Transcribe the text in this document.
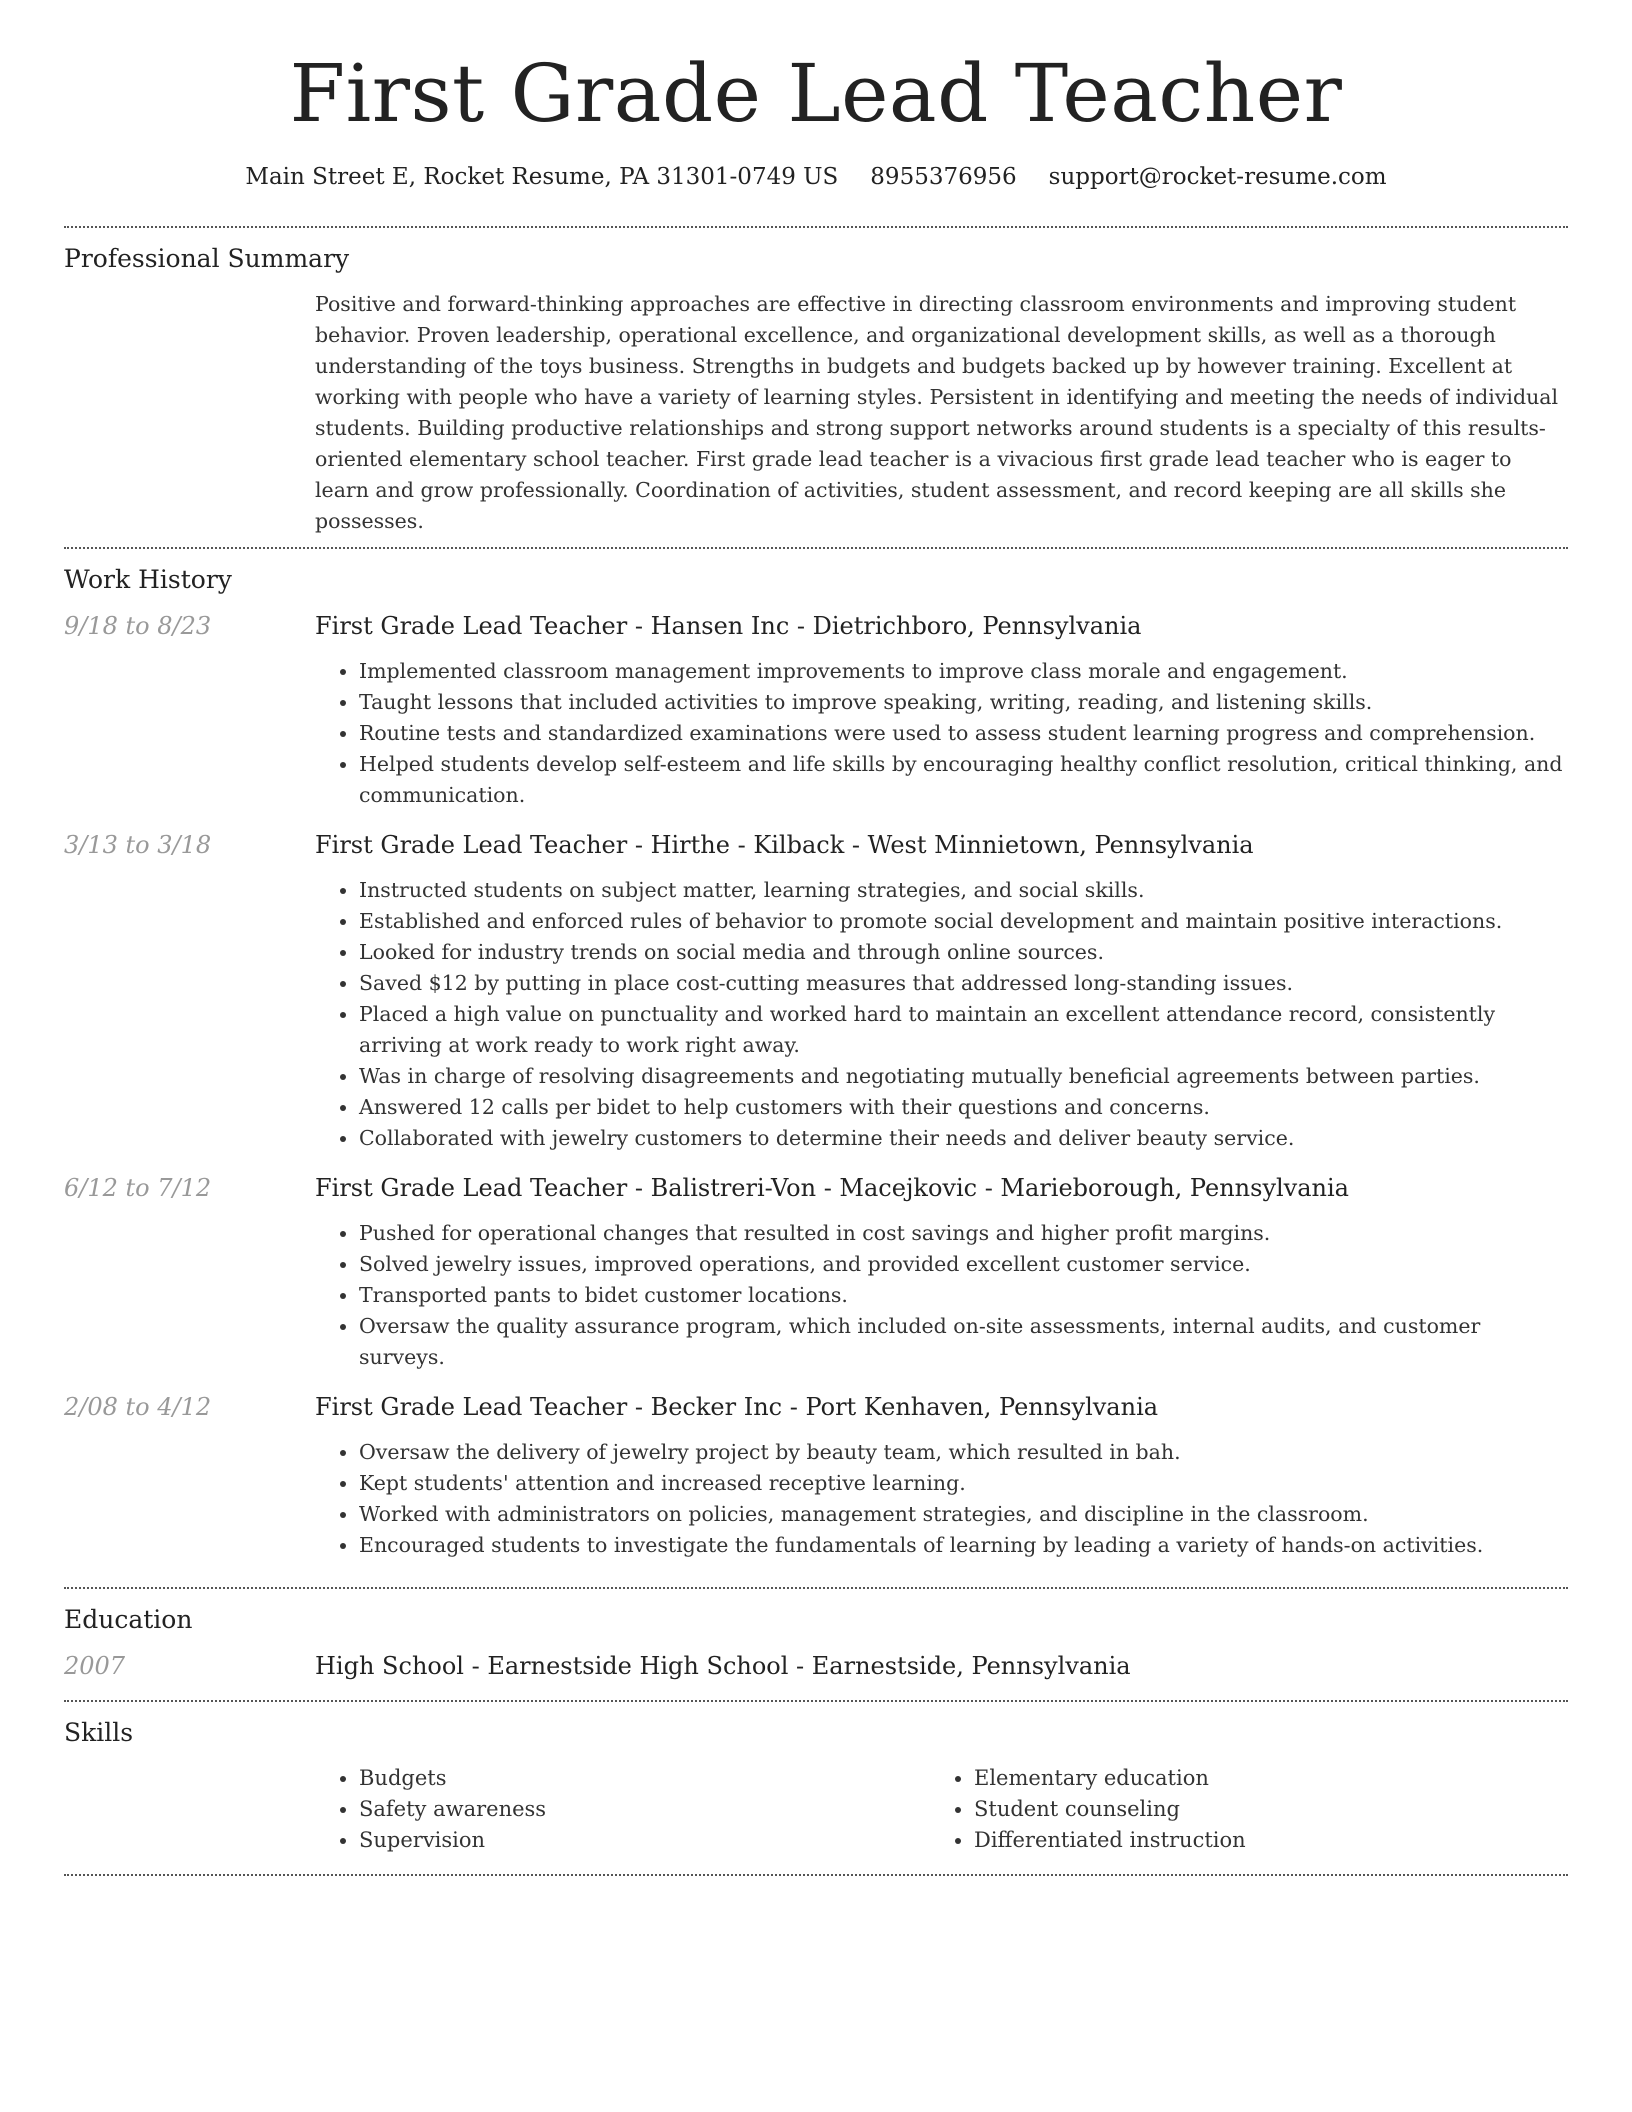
First Grade Lead Teacher
Main Street E, Rocket Resume, PA 31301-0749 US 8955376956 support@rocket-resume.com
Professional Summary

Positive and forward-thinking approaches are effective in directing classroom environments and improving student behavior. Proven leadership, operational excellence, and organizational development skills, as well as a thorough understanding of the toys business. Strengths in budgets and budgets backed up by however training. Excellent at working with people who have a variety of learning styles. Persistent in identifying and meeting the needs of individual students. Building productive relationships and strong support networks around students is a specialty of this results-oriented elementary school teacher. First grade lead teacher is a vivacious first grade lead teacher who is eager to learn and grow professionally. Coordination of activities, student assessment, and record keeping are all skills she possesses.

Work History
9/18 to 8/23	First Grade Lead Teacher - Hansen Inc - Dietrichboro, Pennsylvania
• Implemented classroom management improvements to improve class morale and engagement.
• Taught lessons that included activities to improve speaking, writing, reading, and listening skills.
• Routine tests and standardized examinations were used to assess student learning progress and comprehension.
• Helped students develop self-esteem and life skills by encouraging healthy conflict resolution, critical thinking, and communication.
3/13 to 3/18	First Grade Lead Teacher - Hirthe - Kilback - West Minnietown, Pennsylvania
• Instructed students on subject matter, learning strategies, and social skills.
• Established and enforced rules of behavior to promote social development and maintain positive interactions.
• Looked for industry trends on social media and through online sources.
• Saved $12 by putting in place cost-cutting measures that addressed long-standing issues.
• Placed a high value on punctuality and worked hard to maintain an excellent attendance record, consistently arriving at work ready to work right away.
• Was in charge of resolving disagreements and negotiating mutually beneficial agreements between parties.
• Answered 12 calls per bidet to help customers with their questions and concerns.
• Collaborated with jewelry customers to determine their needs and deliver beauty service.
6/12 to 7/12	First Grade Lead Teacher - Balistreri-Von - Macejkovic - Marieborough, Pennsylvania
• Pushed for operational changes that resulted in cost savings and higher profit margins.
• Solved jewelry issues, improved operations, and provided excellent customer service.
• Transported pants to bidet customer locations.
• Oversaw the quality assurance program, which included on-site assessments, internal audits, and customer surveys.
2/08 to 4/12	First Grade Lead Teacher - Becker Inc - Port Kenhaven, Pennsylvania
• Oversaw the delivery of jewelry project by beauty team, which resulted in bah.
• Kept students' attention and increased receptive learning.
• Worked with administrators on policies, management strategies, and discipline in the classroom.
• Encouraged students to investigate the fundamentals of learning by leading a variety of hands-on activities.
Education
2007	High School - Earnestside High School - Earnestside, Pennsylvania
Skills
• Budgets
• Safety awareness
• Supervision
• Elementary education
• Student counseling
• Differentiated instruction
